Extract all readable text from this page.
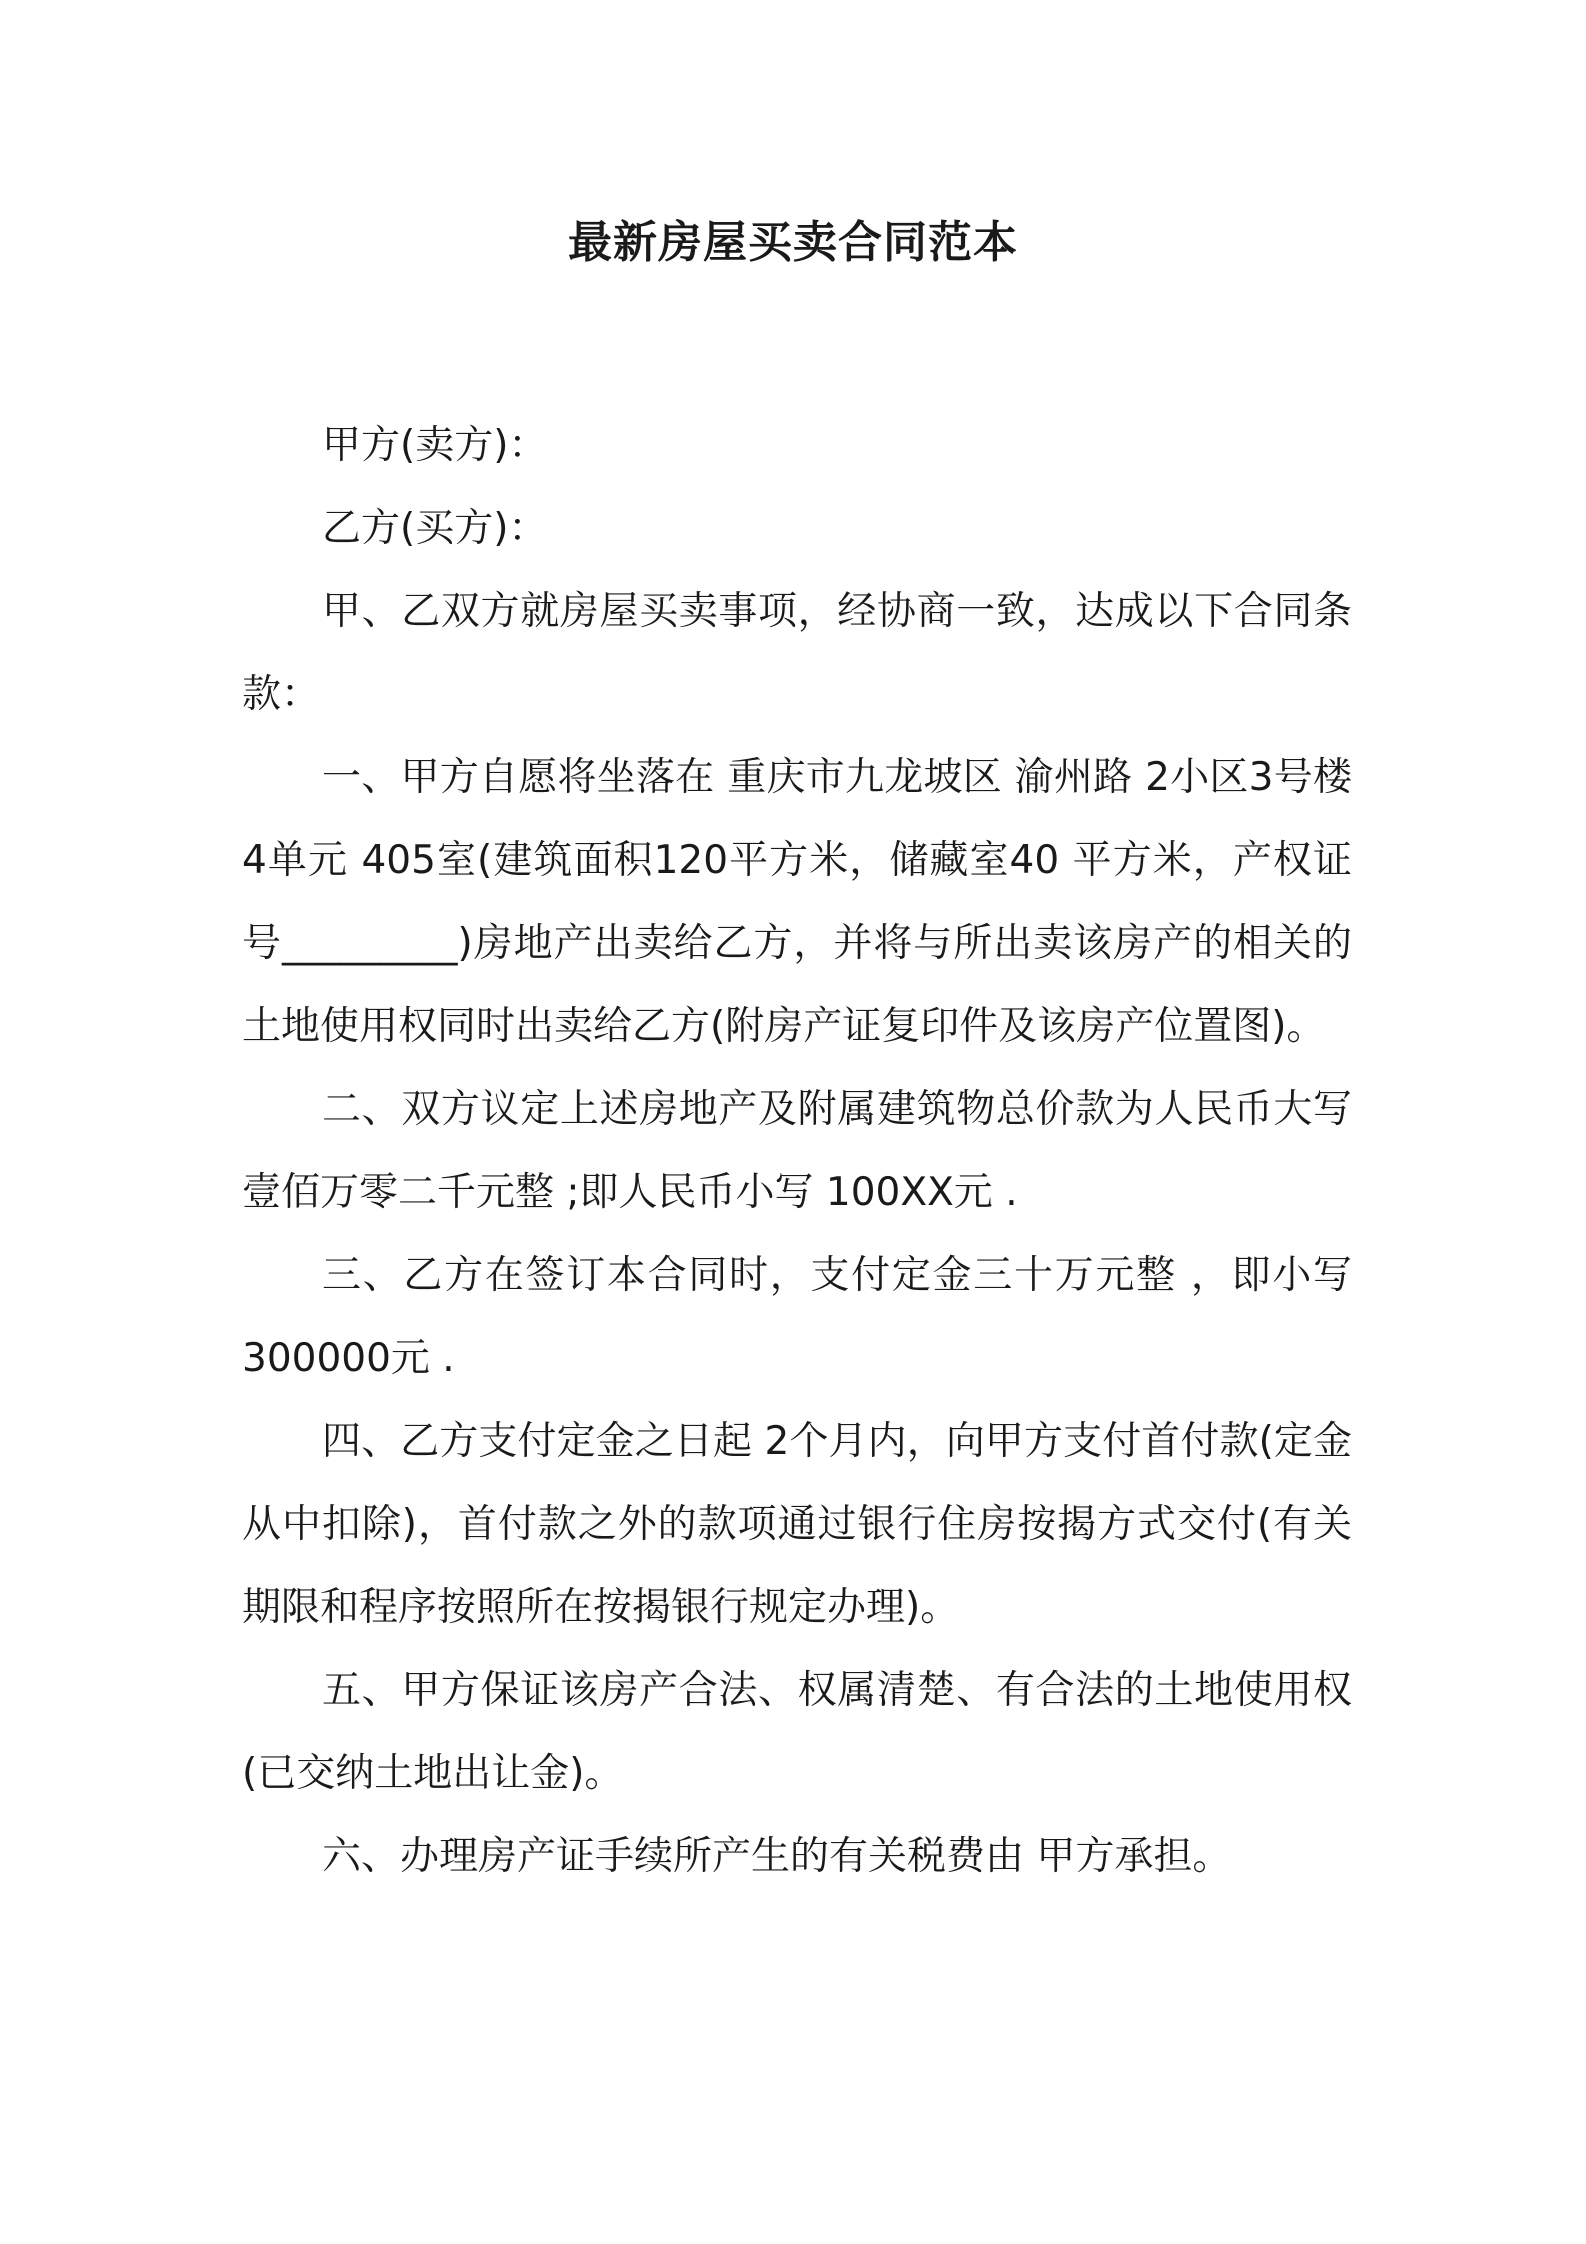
最新房屋买卖合同范本

甲方(卖方)：

乙方(买方)：

甲、乙双方就房屋买卖事项，经协商一致，达成以下合同条款：

一、甲方自愿将坐落在 重庆市九龙坡区 渝州路 2小区3号楼 4单元 405室(建筑面积120平方米，储藏室40 平方米，产权证号_________)房地产出卖给乙方，并将与所出卖该房产的相关的土地使用权同时出卖给乙方(附房产证复印件及该房产位置图)。

二、双方议定上述房地产及附属建筑物总价款为人民币大写 壹佰万零二千元整 ;即人民币小写 100XX元 .

三、乙方在签订本合同时，支付定金三十万元整 ，即小写 300000元 .

四、乙方支付定金之日起 2个月内，向甲方支付首付款(定金从中扣除)，首付款之外的款项通过银行住房按揭方式交付(有关期限和程序按照所在按揭银行规定办理)。

五、甲方保证该房产合法、权属清楚、有合法的土地使用权(已交纳土地出让金)。

六、办理房产证手续所产生的有关税费由 甲方承担。
